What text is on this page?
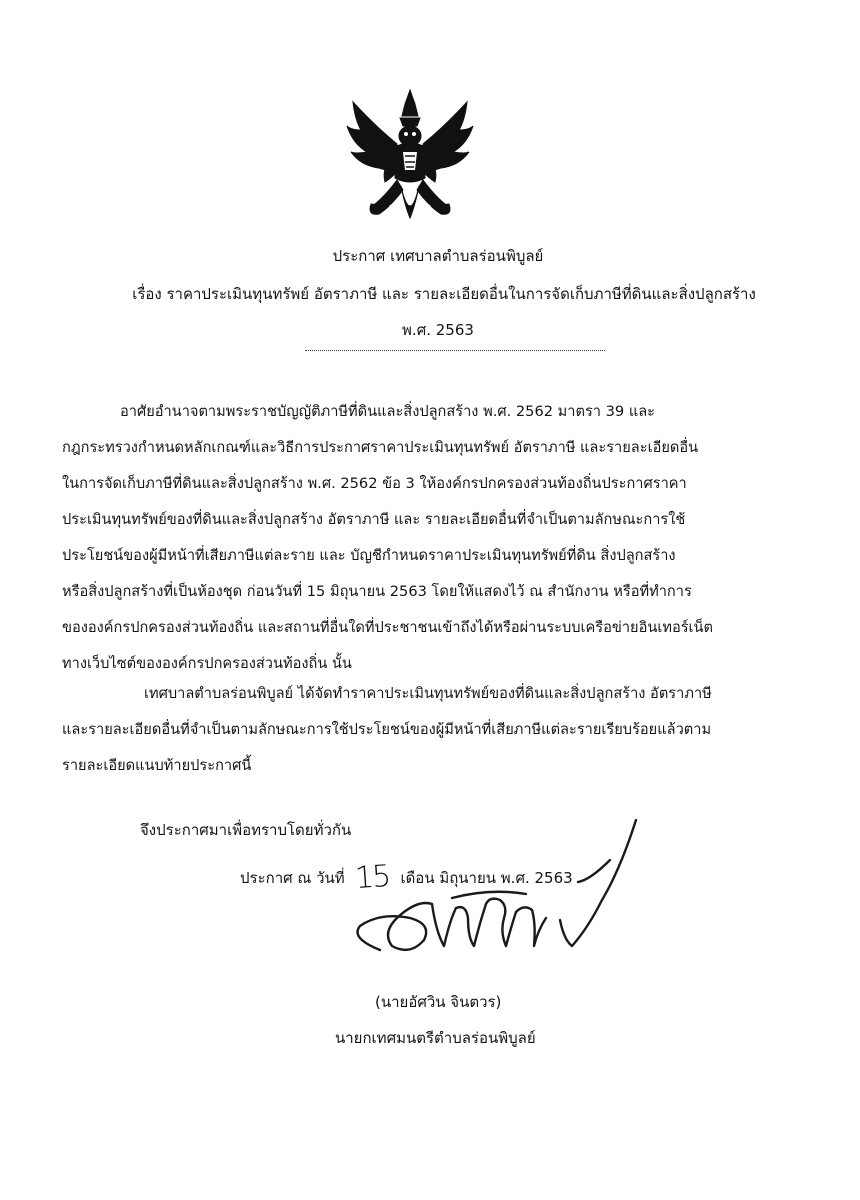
ประกาศ เทศบาลตำบลร่อนพิบูลย์
เรื่อง ราคาประเมินทุนทรัพย์ อัตราภาษี และ รายละเอียดอื่นในการจัดเก็บภาษีที่ดินและสิ่งปลูกสร้าง
พ.ศ. 2563
อาศัยอำนาจตามพระราชบัญญัติภาษีที่ดินและสิ่งปลูกสร้าง พ.ศ. 2562 มาตรา 39 และ
กฎกระทรวงกำหนดหลักเกณฑ์และวิธีการประกาศราคาประเมินทุนทรัพย์ อัตราภาษี และรายละเอียดอื่น
ในการจัดเก็บภาษีที่ดินและสิ่งปลูกสร้าง พ.ศ. 2562 ข้อ 3 ให้องค์กรปกครองส่วนท้องถิ่นประกาศราคา
ประเมินทุนทรัพย์ของที่ดินและสิ่งปลูกสร้าง อัตราภาษี และ รายละเอียดอื่นที่จำเป็นตามลักษณะการใช้
ประโยชน์ของผู้มีหน้าที่เสียภาษีแต่ละราย และ บัญชีกำหนดราคาประเมินทุนทรัพย์ที่ดิน สิ่งปลูกสร้าง
หรือสิ่งปลูกสร้างที่เป็นห้องชุด ก่อนวันที่ 15 มิถุนายน 2563 โดยให้แสดงไว้ ณ สำนักงาน หรือที่ทำการ
ขององค์กรปกครองส่วนท้องถิ่น และสถานที่อื่นใดที่ประชาชนเข้าถึงได้หรือผ่านระบบเครือข่ายอินเทอร์เน็ต
ทางเว็บไซต์ขององค์กรปกครองส่วนท้องถิ่น นั้น
เทศบาลตำบลร่อนพิบูลย์ ได้จัดทำราคาประเมินทุนทรัพย์ของที่ดินและสิ่งปลูกสร้าง อัตราภาษี
และรายละเอียดอื่นที่จำเป็นตามลักษณะการใช้ประโยชน์ของผู้มีหน้าที่เสียภาษีแต่ละรายเรียบร้อยแล้วตาม
รายละเอียดแนบท้ายประกาศนี้
จึงประกาศมาเพื่อทราบโดยทั่วกัน
ประกาศ ณ วันที่ 15 เดือน มิถุนายน พ.ศ. 2563
(นายอัศวิน จินตวร)
นายกเทศมนตรีตำบลร่อนพิบูลย์
